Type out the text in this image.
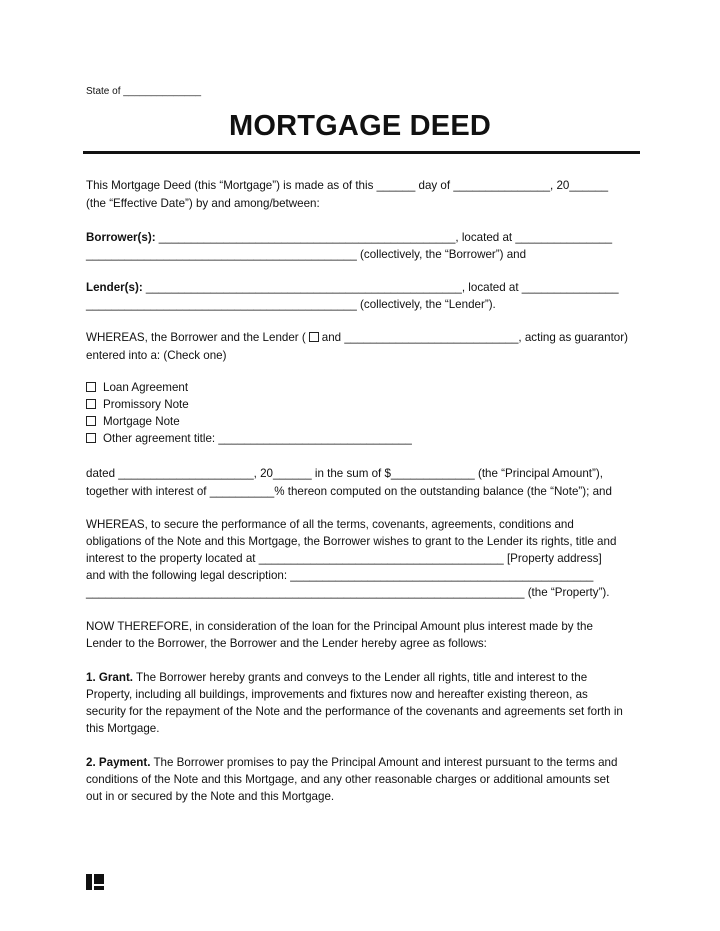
State of ______________
MORTGAGE DEED
This Mortgage Deed (this “Mortgage”) is made as of this ______ day of _______________, 20______
(the “Effective Date”) by and among/between:
Borrower(s): ______________________________________________, located at _______________
__________________________________________ (collectively, the “Borrower”) and
Lender(s): _________________________________________________, located at _______________
__________________________________________ (collectively, the “Lender”).
WHEREAS, the Borrower and the Lender ( and ___________________________, acting as guarantor)
entered into a: (Check one)
Loan Agreement
Promissory Note
Mortgage Note
Other agreement title: ______________________________
dated _____________________, 20______ in the sum of $_____________ (the “Principal Amount”),
together with interest of __________% thereon computed on the outstanding balance (the “Note”); and
WHEREAS, to secure the performance of all the terms, covenants, agreements, conditions and
obligations of the Note and this Mortgage, the Borrower wishes to grant to the Lender its rights, title and
interest to the property located at ______________________________________ [Property address]
and with the following legal description: _______________________________________________
____________________________________________________________________ (the “Property”).
NOW THEREFORE, in consideration of the loan for the Principal Amount plus interest made by the
Lender to the Borrower, the Borrower and the Lender hereby agree as follows:
1. Grant. The Borrower hereby grants and conveys to the Lender all rights, title and interest to the
Property, including all buildings, improvements and fixtures now and hereafter existing thereon, as
security for the repayment of the Note and the performance of the covenants and agreements set forth in
this Mortgage.
2. Payment. The Borrower promises to pay the Principal Amount and interest pursuant to the terms and
conditions of the Note and this Mortgage, and any other reasonable charges or additional amounts set
out in or secured by the Note and this Mortgage.
